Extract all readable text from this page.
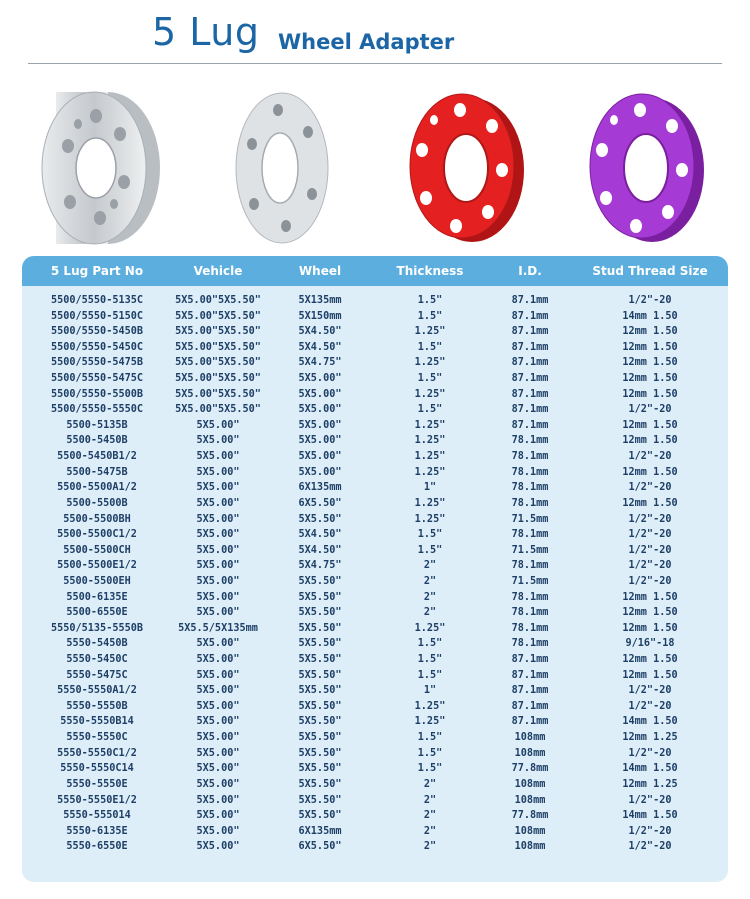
5 Lug Wheel Adapter
5 Lug Part No	Vehicle	Wheel	Thickness	I.D.	Stud Thread Size
5500/5550-5135C	5X5.00"5X5.50"	5X135mm	1.5"	87.1mm	1/2"-20
5500/5550-5150C	5X5.00"5X5.50"	5X150mm	1.5"	87.1mm	14mm 1.50
5500/5550-5450B	5X5.00"5X5.50"	5X4.50"	1.25"	87.1mm	12mm 1.50
5500/5550-5450C	5X5.00"5X5.50"	5X4.50"	1.5"	87.1mm	12mm 1.50
5500/5550-5475B	5X5.00"5X5.50"	5X4.75"	1.25"	87.1mm	12mm 1.50
5500/5550-5475C	5X5.00"5X5.50"	5X5.00"	1.5"	87.1mm	12mm 1.50
5500/5550-5500B	5X5.00"5X5.50"	5X5.00"	1.25"	87.1mm	12mm 1.50
5500/5550-5550C	5X5.00"5X5.50"	5X5.00"	1.5"	87.1mm	1/2"-20
5500-5135B	5X5.00"	5X5.00"	1.25"	87.1mm	12mm 1.50
5500-5450B	5X5.00"	5X5.00"	1.25"	78.1mm	12mm 1.50
5500-5450B1/2	5X5.00"	5X5.00"	1.25"	78.1mm	1/2"-20
5500-5475B	5X5.00"	5X5.00"	1.25"	78.1mm	12mm 1.50
5500-5500A1/2	5X5.00"	6X135mm	1"	78.1mm	1/2"-20
5500-5500B	5X5.00"	6X5.50"	1.25"	78.1mm	12mm 1.50
5500-5500BH	5X5.00"	5X5.50"	1.25"	71.5mm	1/2"-20
5500-5500C1/2	5X5.00"	5X4.50"	1.5"	78.1mm	1/2"-20
5500-5500CH	5X5.00"	5X4.50"	1.5"	71.5mm	1/2"-20
5500-5500E1/2	5X5.00"	5X4.75"	2"	78.1mm	1/2"-20
5500-5500EH	5X5.00"	5X5.50"	2"	71.5mm	1/2"-20
5500-6135E	5X5.00"	5X5.50"	2"	78.1mm	12mm 1.50
5500-6550E	5X5.00"	5X5.50"	2"	78.1mm	12mm 1.50
5550/5135-5550B	5X5.5/5X135mm	5X5.50"	1.25"	78.1mm	12mm 1.50
5550-5450B	5X5.00"	5X5.50"	1.5"	78.1mm	9/16"-18
5550-5450C	5X5.00"	5X5.50"	1.5"	87.1mm	12mm 1.50
5550-5475C	5X5.00"	5X5.50"	1.5"	87.1mm	12mm 1.50
5550-5550A1/2	5X5.00"	5X5.50"	1"	87.1mm	1/2"-20
5550-5550B	5X5.00"	5X5.50"	1.25"	87.1mm	1/2"-20
5550-5550B14	5X5.00"	5X5.50"	1.25"	87.1mm	14mm 1.50
5550-5550C	5X5.00"	5X5.50"	1.5"	108mm	12mm 1.25
5550-5550C1/2	5X5.00"	5X5.50"	1.5"	108mm	1/2"-20
5550-5550C14	5X5.00"	5X5.50"	1.5"	77.8mm	14mm 1.50
5550-5550E	5X5.00"	5X5.50"	2"	108mm	12mm 1.25
5550-5550E1/2	5X5.00"	5X5.50"	2"	108mm	1/2"-20
5550-555014	5X5.00"	5X5.50"	2"	77.8mm	14mm 1.50
5550-6135E	5X5.00"	6X135mm	2"	108mm	1/2"-20
5550-6550E	5X5.00"	6X5.50"	2"	108mm	1/2"-20
